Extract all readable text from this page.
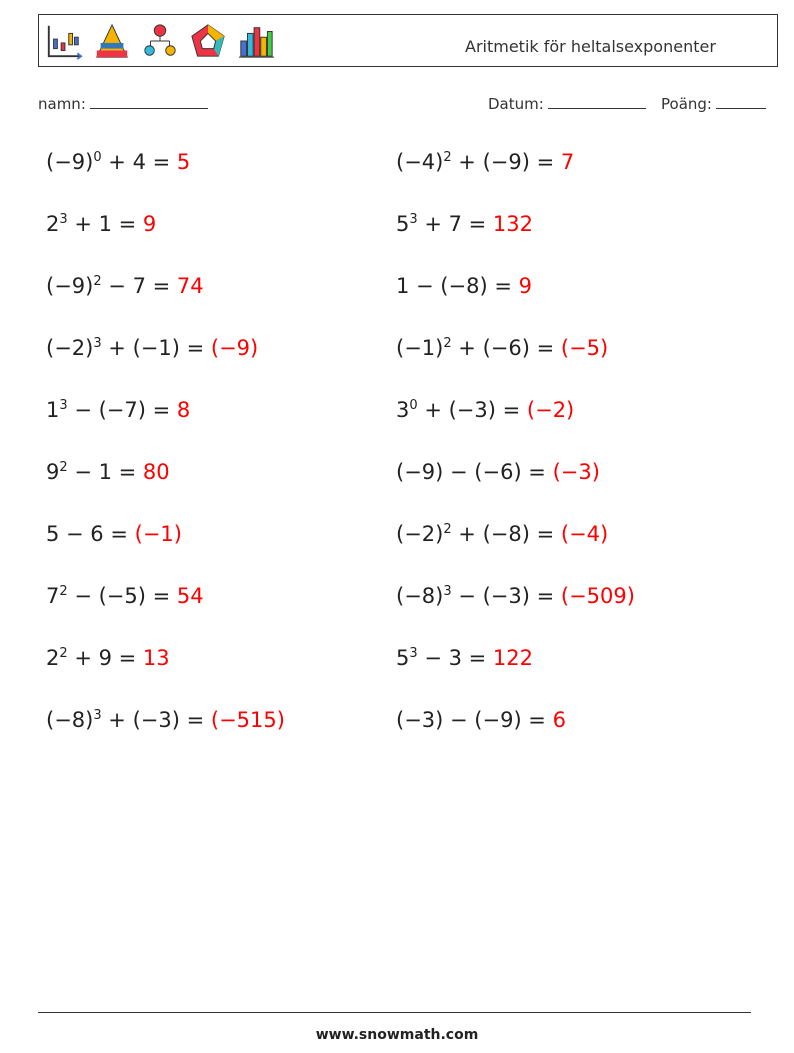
Aritmetik för heltalsexponenter
namn:	Datum:	Poäng:
$(-9)^0 + 4 = 5$	$(-4)^2 + (-9) = 7$
$2^3 + 1 = 9$	$5^3 + 7 = 132$
$(-9)^2 - 7 = 74$	1 − (−8) = 9
$(-2)^3 + (-1) = (-9)$	$(-1)^2 + (-6) = (-5)$
$1^3 - (-7) = 8$	$3^0 + (-3) = (-2)$
$9^2 - 1 = 80$	(−9) − (−6) = (−3)
5 − 6 = (−1)	$(-2)^2 + (-8) = (-4)$
$7^2 - (-5) = 54$	$(-8)^3 - (-3) = (-509)$
$2^2 + 9 = 13$	$5^3 - 3 = 122$
$(-8)^3 + (-3) = (-515)$	(−3) − (−9) = 6
www.snowmath.com
